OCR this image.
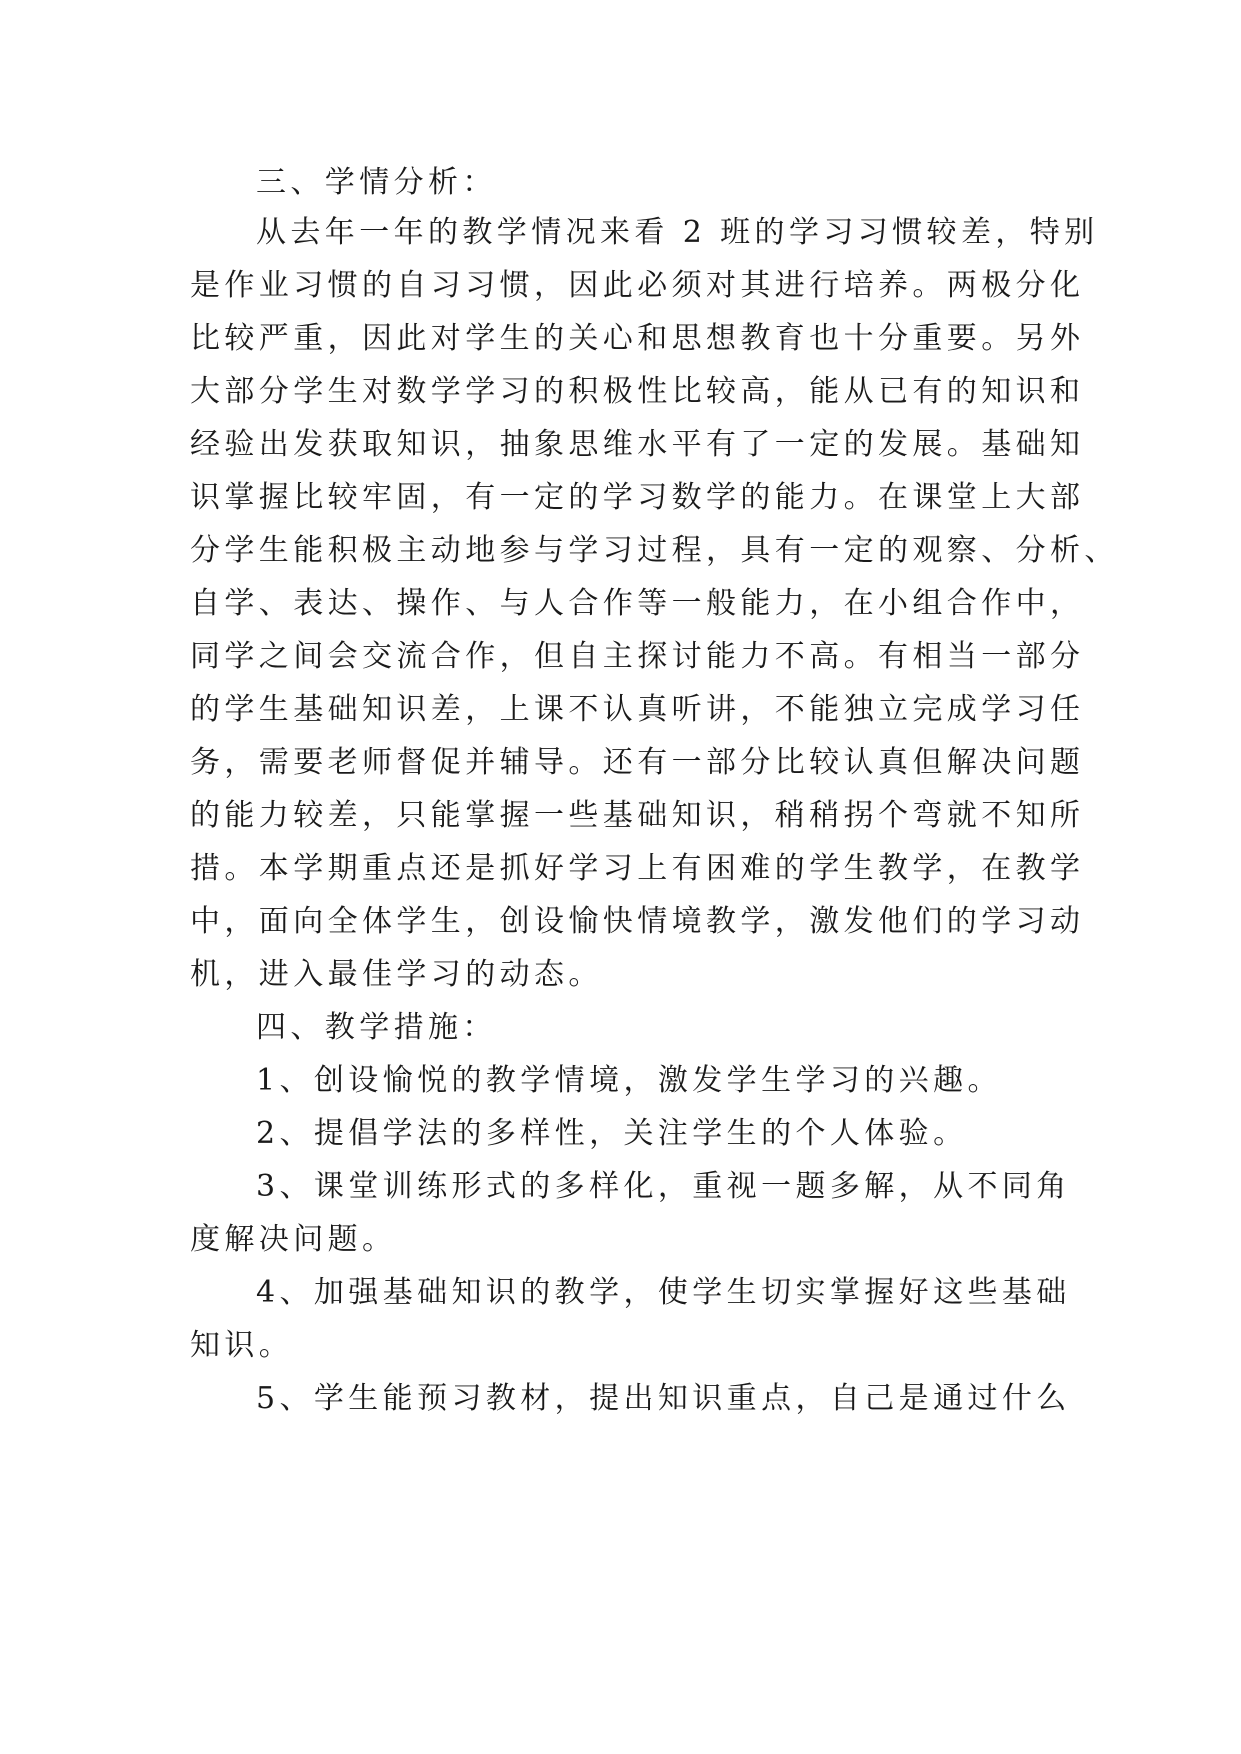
三、学情分析：
从去年一年的教学情况来看 2 班的学习习惯较差，特别
是作业习惯的自习习惯，因此必须对其进行培养。两极分化
比较严重，因此对学生的关心和思想教育也十分重要。另外
大部分学生对数学学习的积极性比较高，能从已有的知识和
经验出发获取知识，抽象思维水平有了一定的发展。基础知
识掌握比较牢固，有一定的学习数学的能力。在课堂上大部
分学生能积极主动地参与学习过程，具有一定的观察、分析、
自学、表达、操作、与人合作等一般能力，在小组合作中，
同学之间会交流合作，但自主探讨能力不高。有相当一部分
的学生基础知识差，上课不认真听讲，不能独立完成学习任
务，需要老师督促并辅导。还有一部分比较认真但解决问题
的能力较差，只能掌握一些基础知识，稍稍拐个弯就不知所
措。本学期重点还是抓好学习上有困难的学生教学，在教学
中，面向全体学生，创设愉快情境教学，激发他们的学习动
机，进入最佳学习的动态。
四、教学措施：
1、创设愉悦的教学情境，激发学生学习的兴趣。
2、提倡学法的多样性，关注学生的个人体验。
3、课堂训练形式的多样化，重视一题多解，从不同角
度解决问题。
4、加强基础知识的教学，使学生切实掌握好这些基础
知识。
5、学生能预习教材，提出知识重点，自己是通过什么
